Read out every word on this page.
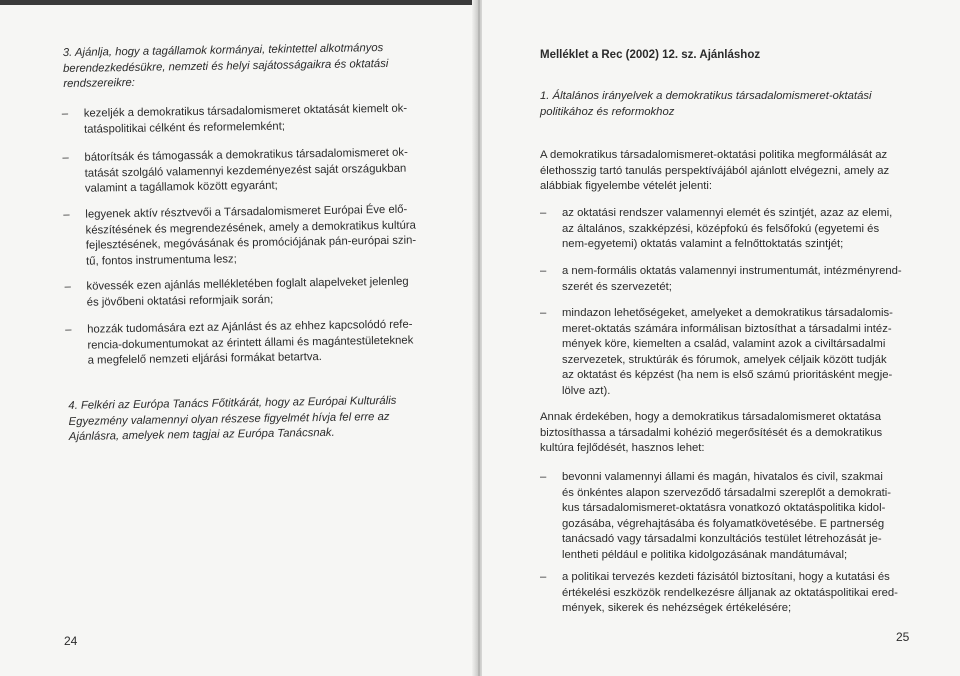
3. Ajánlja, hogy a tagállamok kormányai, tekintettel alkotmányos
berendezkedésükre, nemzeti és helyi sajátosságaikra és oktatási
rendszereikre:
– kezeljék a demokratikus társadalomismeret oktatását kiemelt ok-
tatáspolitikai célként és reformelemként;
– bátorítsák és támogassák a demokratikus társadalomismeret ok-
tatását szolgáló valamennyi kezdeményezést saját országukban
valamint a tagállamok között egyaránt;
– legyenek aktív résztvevői a Társadalomismeret Európai Éve elő-
készítésének és megrendezésének, amely a demokratikus kultúra
fejlesztésének, megóvásának és promóciójának pán-európai szin-
tű, fontos instrumentuma lesz;
– kövessék ezen ajánlás mellékletében foglalt alapelveket jelenleg
és jövőbeni oktatási reformjaik során;
– hozzák tudomására ezt az Ajánlást és az ehhez kapcsolódó refe-
rencia-dokumentumokat az érintett állami és magántestületeknek
a megfelelő nemzeti eljárási formákat betartva.
4. Felkéri az Európa Tanács Főtitkárát, hogy az Európai Kulturális
Egyezmény valamennyi olyan részese figyelmét hívja fel erre az
Ajánlásra, amelyek nem tagjai az Európa Tanácsnak.
24
Melléklet a Rec (2002) 12. sz. Ajánláshoz
1. Általános irányelvek a demokratikus társadalomismeret-oktatási
politikához és reformokhoz
A demokratikus társadalomismeret-oktatási politika megformálását az
élethosszig tartó tanulás perspektívájából ajánlott elvégezni, amely az
alábbiak figyelembe vételét jelenti:
– az oktatási rendszer valamennyi elemét és szintjét, azaz az elemi,
az általános, szakképzési, középfokú és felsőfokú (egyetemi és
nem-egyetemi) oktatás valamint a felnőttoktatás szintjét;
– a nem-formális oktatás valamennyi instrumentumát, intézményrend-
szerét és szervezetét;
– mindazon lehetőségeket, amelyeket a demokratikus társadalomis-
meret-oktatás számára informálisan biztosíthat a társadalmi intéz-
mények köre, kiemelten a család, valamint azok a civiltársadalmi
szervezetek, struktúrák és fórumok, amelyek céljaik között tudják
az oktatást és képzést (ha nem is első számú prioritásként megje-
lölve azt).
Annak érdekében, hogy a demokratikus társadalomismeret oktatása
biztosíthassa a társadalmi kohézió megerősítését és a demokratikus
kultúra fejlődését, hasznos lehet:
– bevonni valamennyi állami és magán, hivatalos és civil, szakmai
és önkéntes alapon szerveződő társadalmi szereplőt a demokrati-
kus társadalomismeret-oktatásra vonatkozó oktatáspolitika kidol-
gozásába, végrehajtásába és folyamatkövetésébe. E partnerség
tanácsadó vagy társadalmi konzultációs testület létrehozását je-
lentheti például e politika kidolgozásának mandátumával;
– a politikai tervezés kezdeti fázisától biztosítani, hogy a kutatási és
értékelési eszközök rendelkezésre álljanak az oktatáspolitikai ered-
mények, sikerek és nehézségek értékelésére;
25
